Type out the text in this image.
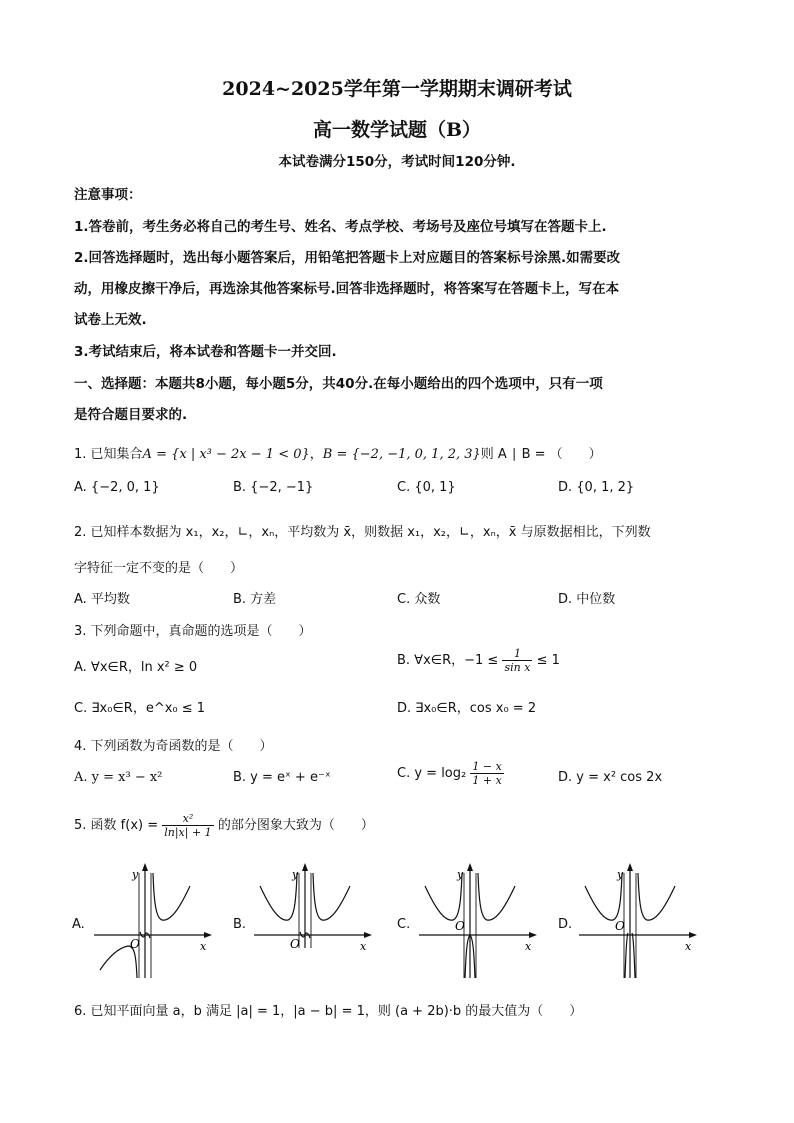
2024~2025学年第一学期期末调研考试
高一数学试题（B）
本试卷满分150分，考试时间120分钟.
注意事项：
1.答卷前，考生务必将自己的考生号、姓名、考点学校、考场号及座位号填写在答题卡上.
2.回答选择题时，选出每小题答案后，用铅笔把答题卡上对应题目的答案标号涂黑.如需要改
动，用橡皮擦干净后，再选涂其他答案标号.回答非选择题时，将答案写在答题卡上，写在本
试卷上无效.
3.考试结束后，将本试卷和答题卡一并交回.
一、选择题：本题共8小题，每小题5分，共40分.在每小题给出的四个选项中，只有一项
是符合题目要求的.
1. 已知集合A = {x | x³ − 2x − 1 < 0}，B = {−2, −1, 0, 1, 2, 3}则 A ∣ B = （　　）
A. {−2, 0, 1}	B. {−2, −1}	C. {0, 1}	D. {0, 1, 2}
2. 已知样本数据为 x₁，x₂，∟，xₙ，平均数为 x̄，则数据 x₁，x₂，∟，xₙ，x̄ 与原数据相比，下列数
字特征一定不变的是（　　）
A. 平均数	B. 方差	C. 众数	D. 中位数
3. 下列命题中，真命题的选项是（　　）
A. ∀x∈R，ln x² ≥ 0	B. ∀x∈R，$-1 \le \frac{1}{\text{sin x}} \le 1$
C. ∃x₀∈R，e^x₀ ≤ 1	D. ∃x₀∈R，cos x₀ = 2
4. 下列函数为奇函数的是（　　）
A. y = x³ − x²	B. y = eˣ + e⁻ˣ	C. $y = \log_2 \frac{1 - x}{1 + x}$	D. y = x² cos 2x
5. 函数 $f(x) = \frac{\text{x²}}{\ln|x| + 1}$ 的部分图象大致为（　　）
A.
y
x
O
B.
y
x
O
C.
y
x
O	D.
y
x
O
6. 已知平面向量 a，b 满足 |a| = 1，|a − b| = 1，则 (a + 2b)·b 的最大值为（　　）
